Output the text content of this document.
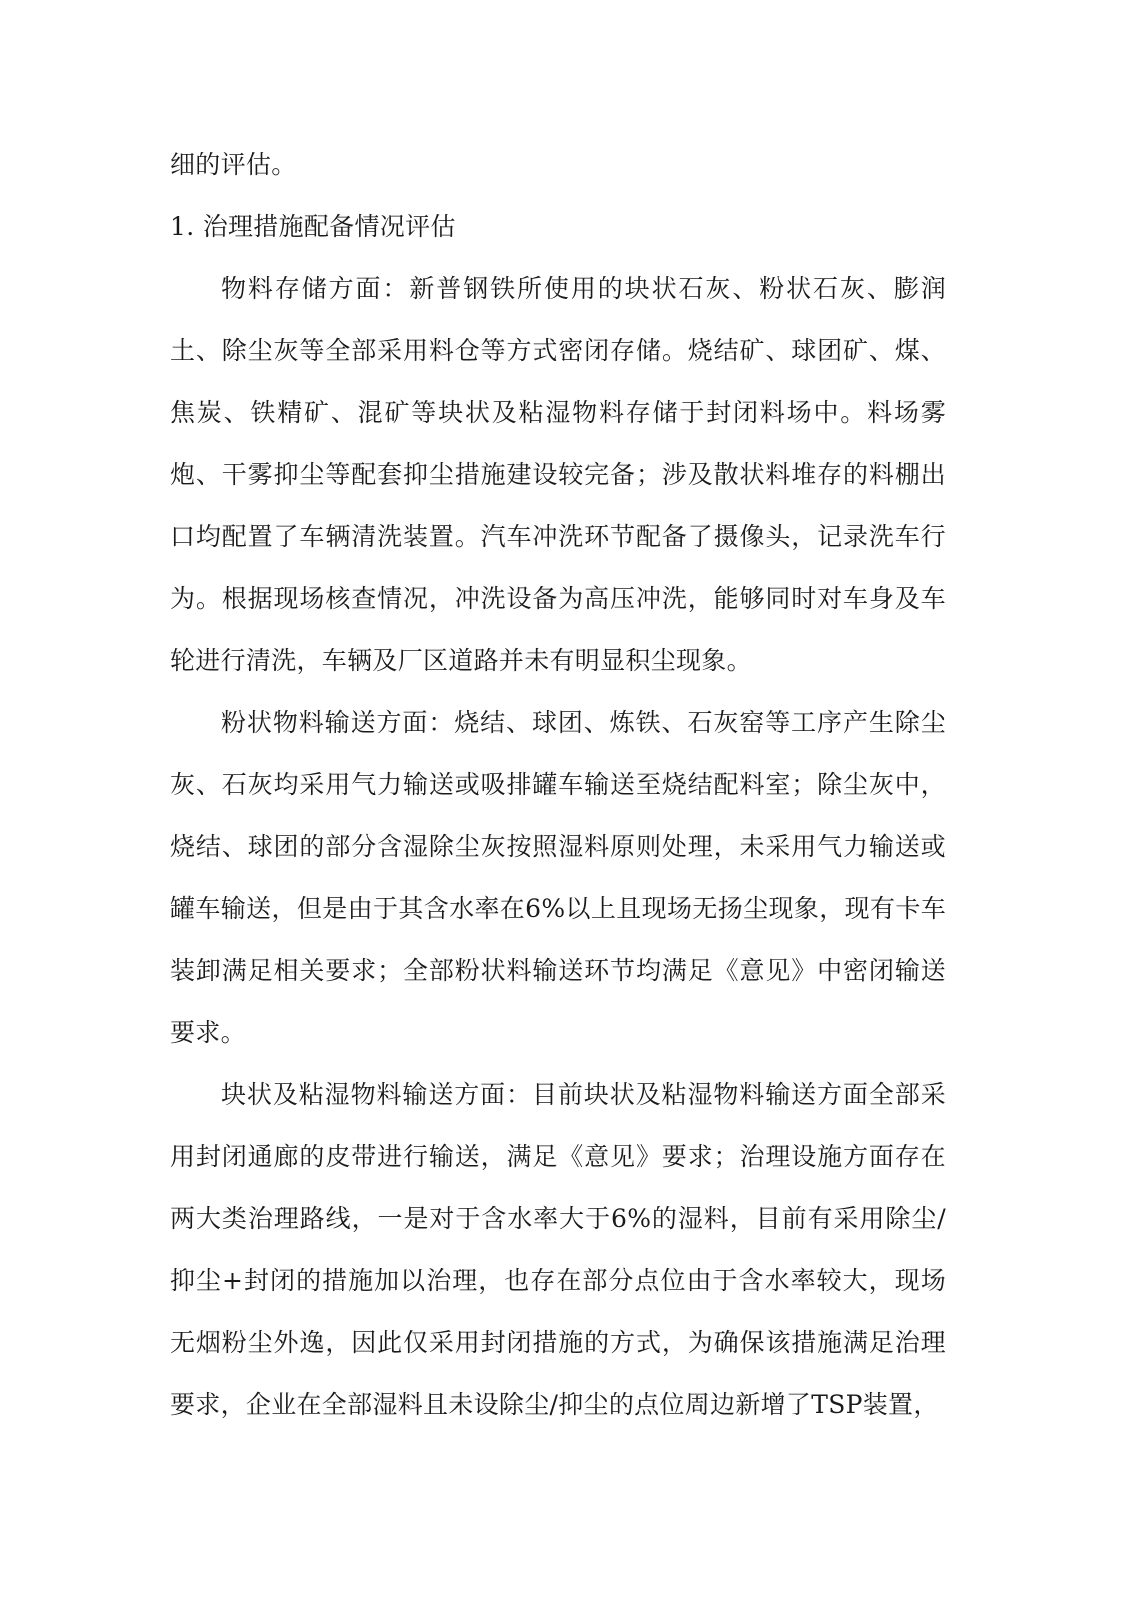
细的评估。

1. 治理措施配备情况评估

物料存储方面：新普钢铁所使用的块状石灰、粉状石灰、膨润土、除尘灰等全部采用料仓等方式密闭存储。烧结矿、球团矿、煤、焦炭、铁精矿、混矿等块状及粘湿物料存储于封闭料场中。料场雾炮、干雾抑尘等配套抑尘措施建设较完备；涉及散状料堆存的料棚出口均配置了车辆清洗装置。汽车冲洗环节配备了摄像头，记录洗车行为。根据现场核查情况，冲洗设备为高压冲洗，能够同时对车身及车轮进行清洗，车辆及厂区道路并未有明显积尘现象。

粉状物料输送方面：烧结、球团、炼铁、石灰窑等工序产生除尘灰、石灰均采用气力输送或吸排罐车输送至烧结配料室；除尘灰中，烧结、球团的部分含湿除尘灰按照湿料原则处理，未采用气力输送或罐车输送，但是由于其含水率在6%以上且现场无扬尘现象，现有卡车装卸满足相关要求；全部粉状料输送环节均满足《意见》中密闭输送要求。

块状及粘湿物料输送方面：目前块状及粘湿物料输送方面全部采用封闭通廊的皮带进行输送，满足《意见》要求；治理设施方面存在两大类治理路线，一是对于含水率大于6%的湿料，目前有采用除尘/抑尘+封闭的措施加以治理，也存在部分点位由于含水率较大，现场无烟粉尘外逸，因此仅采用封闭措施的方式，为确保该措施满足治理要求，企业在全部湿料且未设除尘/抑尘的点位周边新增了TSP装置，
